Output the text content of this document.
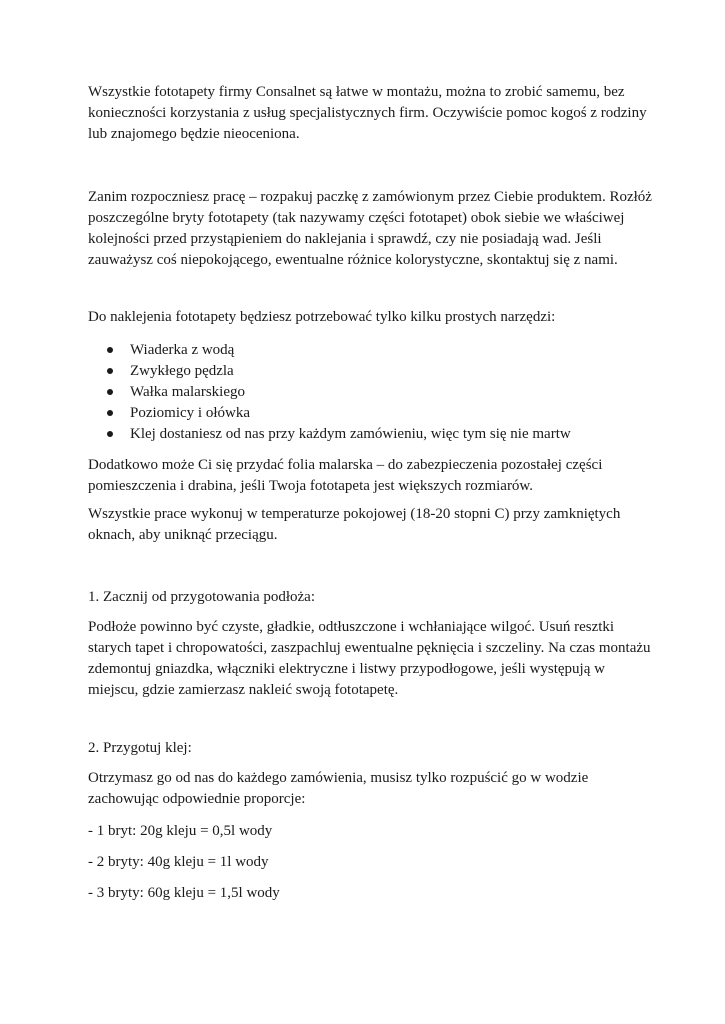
Wszystkie fototapety firmy Consalnet są łatwe w montażu, można to zrobić samemu, bez
konieczności korzystania z usług specjalistycznych firm. Oczywiście pomoc kogoś z rodziny
lub znajomego będzie nieoceniona.

Zanim rozpoczniesz pracę – rozpakuj paczkę z zamówionym przez Ciebie produktem. Rozłóż
poszczególne bryty fototapety (tak nazywamy części fototapet) obok siebie we właściwej
kolejności przed przystąpieniem do naklejania i sprawdź, czy nie posiadają wad. Jeśli
zauważysz coś niepokojącego, ewentualne różnice kolorystyczne, skontaktuj się z nami.

Do naklejenia fototapety będziesz potrzebować tylko kilku prostych narzędzi:

Wiaderka z wodą
Zwykłego pędzla
Wałka malarskiego
Poziomicy i ołówka
Klej dostaniesz od nas przy każdym zamówieniu, więc tym się nie martw

Dodatkowo może Ci się przydać folia malarska – do zabezpieczenia pozostałej części
pomieszczenia i drabina, jeśli Twoja fototapeta jest większych rozmiarów.

Wszystkie prace wykonuj w temperaturze pokojowej (18-20 stopni C) przy zamkniętych
oknach, aby uniknąć przeciągu.

1. Zacznij od przygotowania podłoża:

Podłoże powinno być czyste, gładkie, odtłuszczone i wchłaniające wilgoć. Usuń resztki
starych tapet i chropowatości, zaszpachluj ewentualne pęknięcia i szczeliny. Na czas montażu
zdemontuj gniazdka, włączniki elektryczne i listwy przypodłogowe, jeśli występują w
miejscu, gdzie zamierzasz nakleić swoją fototapetę.

2. Przygotuj klej:

Otrzymasz go od nas do każdego zamówienia, musisz tylko rozpuścić go w wodzie
zachowując odpowiednie proporcje:

- 1 bryt: 20g kleju = 0,5l wody

- 2 bryty: 40g kleju = 1l wody

- 3 bryty: 60g kleju = 1,5l wody
